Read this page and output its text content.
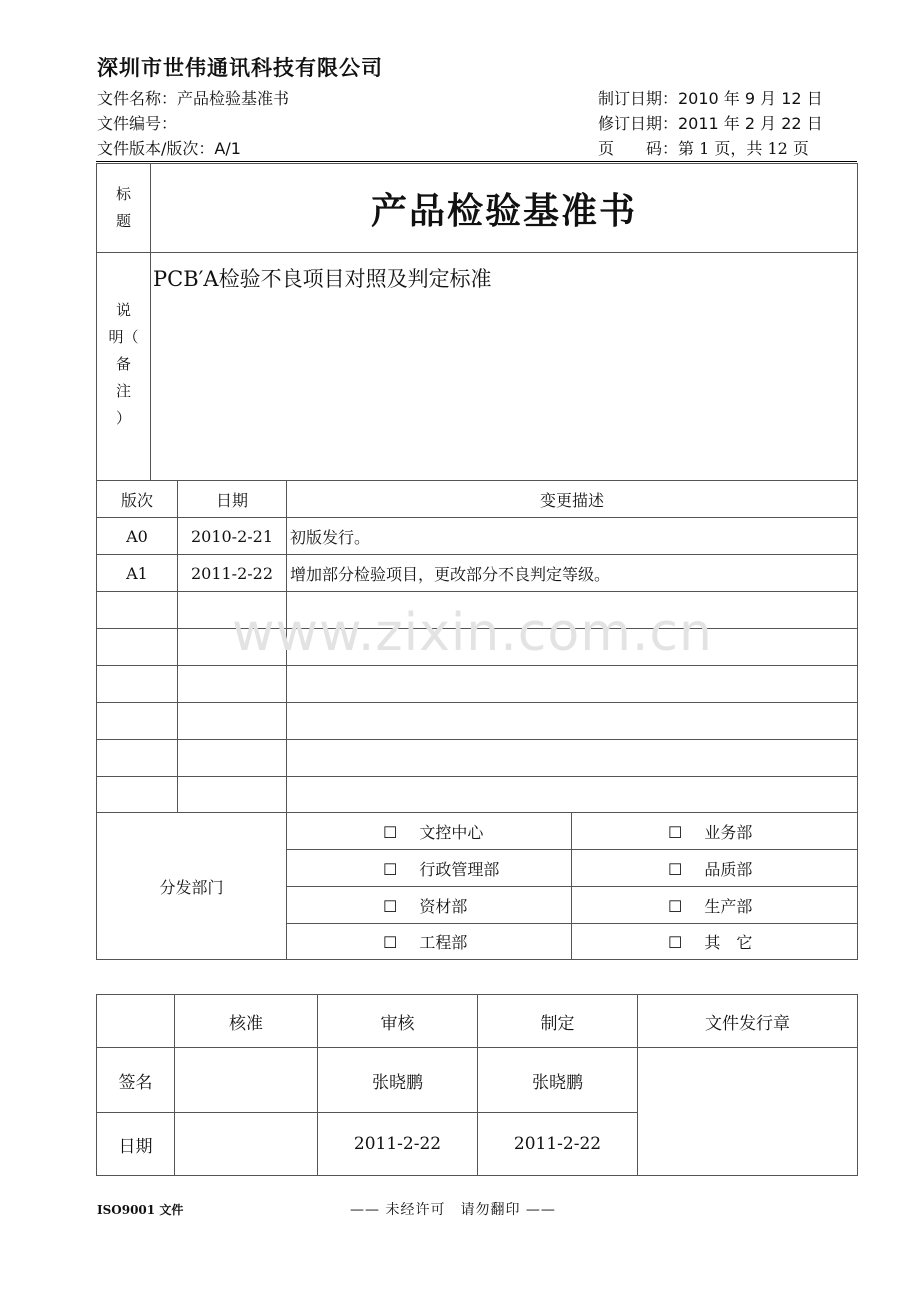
深圳市世伟通讯科技有限公司
文件名称：产品检验基准书
文件编号：
文件版本/版次：A/1
制订日期：2010 年 9 月 12 日
修订日期：2011 年 2 月 22 日
页　　码：第 1 页，共 12 页
标
题	产品检验基准书			

说
明（
备
注
）	PCB′A检验不良项目对照及判定标准			
版次		日期	变更描述	
A0		2010-2-21	初版发行。	
A1		2011-2-22	增加部分检验项目，更改部分不良判定等级。	

分发部门			☐ 文控中心	☐ 业务部
			☐ 行政管理部	☐ 品质部
			☐ 资材部	☐ 生产部
			☐ 工程部	☐ 其　它
	核准	审核	制定	文件发行章
签名		张晓鹏	张晓鹏	
日期		2011-2-22	2011-2-22	
ISO9001 文件	—— 未经许可　请勿翻印 ——
www.zixin.com.cn
